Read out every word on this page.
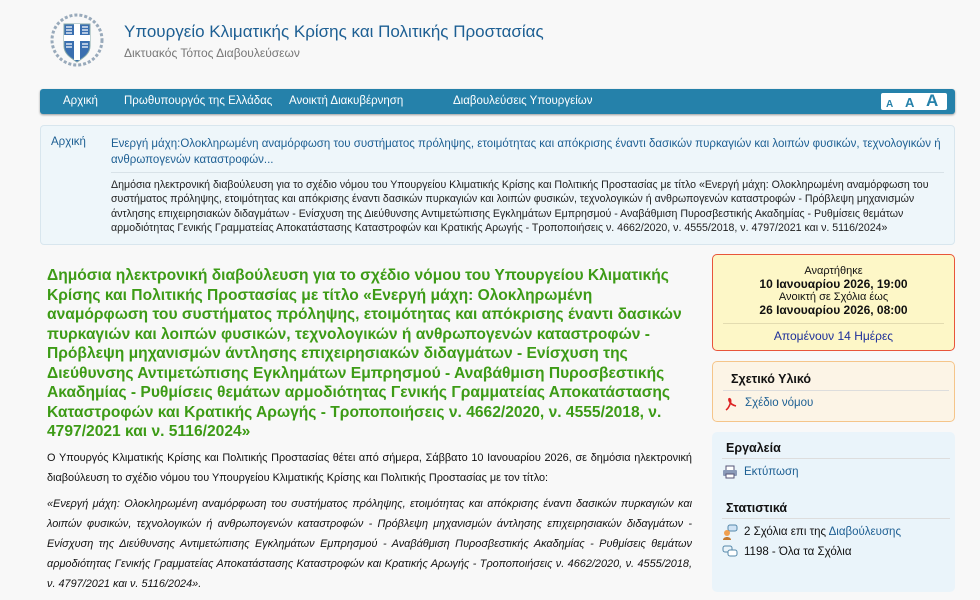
Υπουργείο Κλιματικής Κρίσης και Πολιτικής Προστασίας
Δικτυακός Τόπος Διαβουλεύσεων
Αρχική Πρωθυπουργός της Ελλάδας Ανοικτή Διακυβέρνηση	Διαβουλεύσεις Υπουργείων	A A A
Αρχική Ενεργή μάχη:Ολοκληρωμένη αναμόρφωση του συστήματος πρόληψης, ετοιμότητας και απόκρισης έναντι δασικών πυρκαγιών και λοιπών φυσικών, τεχνολογικών ή ανθρωπογενών καταστροφών...
Δημόσια ηλεκτρονική διαβούλευση για το σχέδιο νόμου του Υπουργείου Κλιματικής Κρίσης και Πολιτικής Προστασίας με τίτλο «Ενεργή μάχη: Ολοκληρωμένη αναμόρφωση του συστήματος πρόληψης, ετοιμότητας και απόκρισης έναντι δασικών πυρκαγιών και λοιπών φυσικών, τεχνολογικών ή ανθρωπογενών καταστροφών - Πρόβλεψη μηχανισμών άντλησης επιχειρησιακών διδαγμάτων - Ενίσχυση της Διεύθυνσης Αντιμετώπισης Εγκλημάτων Εμπρησμού - Αναβάθμιση Πυροσβεστικής Ακαδημίας - Ρυθμίσεις θεμάτων αρμοδιότητας Γενικής Γραμματείας Αποκατάστασης Καταστροφών και Κρατικής Αρωγής - Τροποποιήσεις ν. 4662/2020, ν. 4555/2018, ν. 4797/2021 και ν. 5116/2024»
Δημόσια ηλεκτρονική διαβούλευση για το σχέδιο νόμου του Υπουργείου Κλιματικής Κρίσης και Πολιτικής Προστασίας με τίτλο «Ενεργή μάχη: Ολοκληρωμένη αναμόρφωση του συστήματος πρόληψης, ετοιμότητας και απόκρισης έναντι δασικών πυρκαγιών και λοιπών φυσικών, τεχνολογικών ή ανθρωπογενών καταστροφών - Πρόβλεψη μηχανισμών άντλησης επιχειρησιακών διδαγμάτων - Ενίσχυση της Διεύθυνσης Αντιμετώπισης Εγκλημάτων Εμπρησμού - Αναβάθμιση Πυροσβεστικής Ακαδημίας - Ρυθμίσεις θεμάτων αρμοδιότητας Γενικής Γραμματείας Αποκατάστασης Καταστροφών και Κρατικής Αρωγής - Τροποποιήσεις ν. 4662/2020, ν. 4555/2018, ν. 4797/2021 και ν. 5116/2024»

Ο Υπουργός Κλιματικής Κρίσης και Πολιτικής Προστασίας θέτει από σήμερα, Σάββατο 10 Ιανουαρίου 2026, σε δημόσια ηλεκτρονική διαβούλευση το σχέδιο νόμου του Υπουργείου Κλιματικής Κρίσης και Πολιτικής Προστασίας με τον τίτλο:

«Ενεργή μάχη: Ολοκληρωμένη αναμόρφωση του συστήματος πρόληψης, ετοιμότητας και απόκρισης έναντι δασικών πυρκαγιών και λοιπών φυσικών, τεχνολογικών ή ανθρωπογενών καταστροφών - Πρόβλεψη μηχανισμών άντλησης επιχειρησιακών διδαγμάτων - Ενίσχυση της Διεύθυνσης Αντιμετώπισης Εγκλημάτων Εμπρησμού - Αναβάθμιση Πυροσβεστικής Ακαδημίας - Ρυθμίσεις θεμάτων αρμοδιότητας Γενικής Γραμματείας Αποκατάστασης Καταστροφών και Κρατικής Αρωγής - Τροποποιήσεις ν. 4662/2020, ν. 4555/2018, ν. 4797/2021 και ν. 5116/2024».

Αναρτήθηκε
10 Ιανουαρίου 2026, 19:00
Ανοικτή σε Σχόλια έως
26 Ιανουαρίου 2026, 08:00
Απομένουν 14 Ημέρες
Σχετικό Υλικό
Σχέδιο νόμου
Εργαλεία
Εκτύπωση
Στατιστικά
2 Σχόλια επι της Διαβούλευσης
1198 - Όλα τα Σχόλια
